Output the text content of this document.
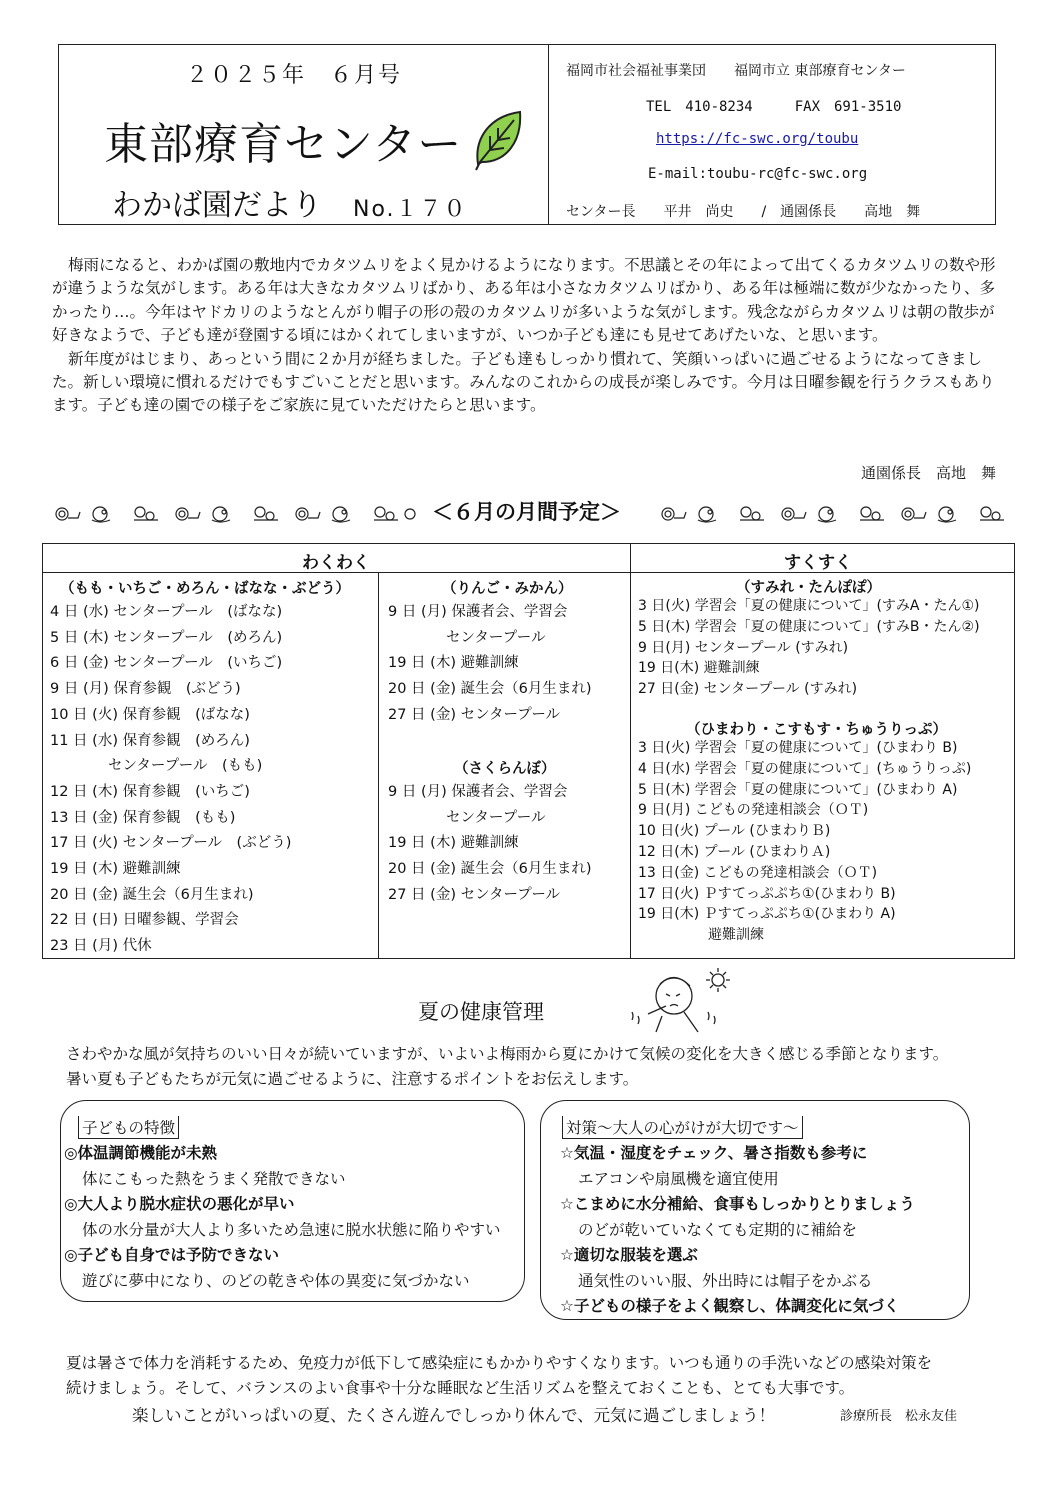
２０２５年　６月号
東部療育センター
わかば園だより No.１７０
福岡市社会福祉事業団　　福岡市立 東部療育センター
TEL　410-8234　　　FAX　691-3510
https://fc-swc.org/toubu
E-mail:toubu-rc@fc-swc.org
センター長　　平井　尚史　　/　通園係長　　高地　舞

梅雨になると、わかば園の敷地内でカタツムリをよく見かけるようになります。不思議とその年によって出てくるカタツムリの数や形が違うような気がします。ある年は大きなカタツムリばかり、ある年は小さなカタツムリばかり、ある年は極端に数が少なかったり、多かったり…。今年はヤドカリのようなとんがり帽子の形の殻のカタツムリが多いような気がします。残念ながらカタツムリは朝の散歩が好きなようで、子ども達が登園する頃にはかくれてしまいますが、いつか子ども達にも見せてあげたいな、と思います。

新年度がはじまり、あっという間に２か月が経ちました。子ども達もしっかり慣れて、笑顔いっぱいに過ごせるようになってきました。新しい環境に慣れるだけでもすごいことだと思います。みんなのこれからの成長が楽しみです。今月は日曜参観を行うクラスもあります。子ども達の園での様子をご家族に見ていただけたらと思います。

通園係長　高地　舞
＜６月の月間予定＞
わくわく	すくすく
（もも・いちご・めろん・ばなな・ぶどう）
4 日 (水) センタープール　(ばなな)
5 日 (木) センタープール　(めろん)
6 日 (金) センタープール　(いちご)
9 日 (月) 保育参観　(ぶどう)
10 日 (火) 保育参観　(ばなな)
11 日 (水) 保育参観　(めろん)
　　　　センタープール　(もも)
12 日 (木) 保育参観　(いちご)
13 日 (金) 保育参観　(もも)
17 日 (火) センタープール　(ぶどう)
19 日 (木) 避難訓練
20 日 (金) 誕生会（6月生まれ)
22 日 (日) 日曜参観、学習会
23 日 (月) 代休
（りんご・みかん）
9 日 (月) 保護者会、学習会
　　　　センタープール
19 日 (木) 避難訓練
20 日 (金) 誕生会（6月生まれ)
27 日 (金) センタープール
（さくらんぼ）
9 日 (月) 保護者会、学習会
　　　　センタープール
19 日 (木) 避難訓練
20 日 (金) 誕生会（6月生まれ)
27 日 (金) センタープール
（すみれ・たんぽぽ）
3 日(火) 学習会「夏の健康について」(すみA・たん①)
5 日(木) 学習会「夏の健康について」(すみB・たん②)
9 日(月) センタープール (すみれ)
19 日(木) 避難訓練
27 日(金) センタープール (すみれ)
（ひまわり・こすもす・ちゅうりっぷ）
3 日(火) 学習会「夏の健康について」(ひまわり B)
4 日(水) 学習会「夏の健康について」(ちゅうりっぷ)
5 日(木) 学習会「夏の健康について」(ひまわり A)
9 日(月) こどもの発達相談会（ＯＴ)
10 日(火) プール (ひまわりＢ)
12 日(木) プール (ひまわりＡ)
13 日(金) こどもの発達相談会（ＯＴ)
17 日(火) Ｐすてっぷぷち①(ひまわり B)
19 日(木) Ｐすてっぷぷち①(ひまわり A)
　　　　　避難訓練
夏の健康管理
さわやかな風が気持ちのいい日々が続いていますが、いよいよ梅雨から夏にかけて気候の変化を大きく感じる季節となります。
暑い夏も子どもたちが元気に過ごせるように、注意するポイントをお伝えします。
子どもの特徴
◎体温調節機能が未熟
体にこもった熱をうまく発散できない
◎大人より脱水症状の悪化が早い
体の水分量が大人より多いため急速に脱水状態に陥りやすい
◎子ども自身では予防できない
遊びに夢中になり、のどの乾きや体の異変に気づかない
対策～大人の心がけが大切です～
☆気温・湿度をチェック、暑さ指数も参考に
エアコンや扇風機を適宜使用
☆こまめに水分補給、食事もしっかりとりましょう
のどが乾いていなくても定期的に補給を
☆適切な服装を選ぶ
通気性のいい服、外出時には帽子をかぶる
☆子どもの様子をよく観察し、体調変化に気づく
夏は暑さで体力を消耗するため、免疫力が低下して感染症にもかかりやすくなります。いつも通りの手洗いなどの感染対策を
続けましょう。そして、バランスのよい食事や十分な睡眠など生活リズムを整えておくことも、とても大事です。
楽しいことがいっぱいの夏、たくさん遊んでしっかり休んで、元気に過ごしましょう！	診療所長　松永友佳
